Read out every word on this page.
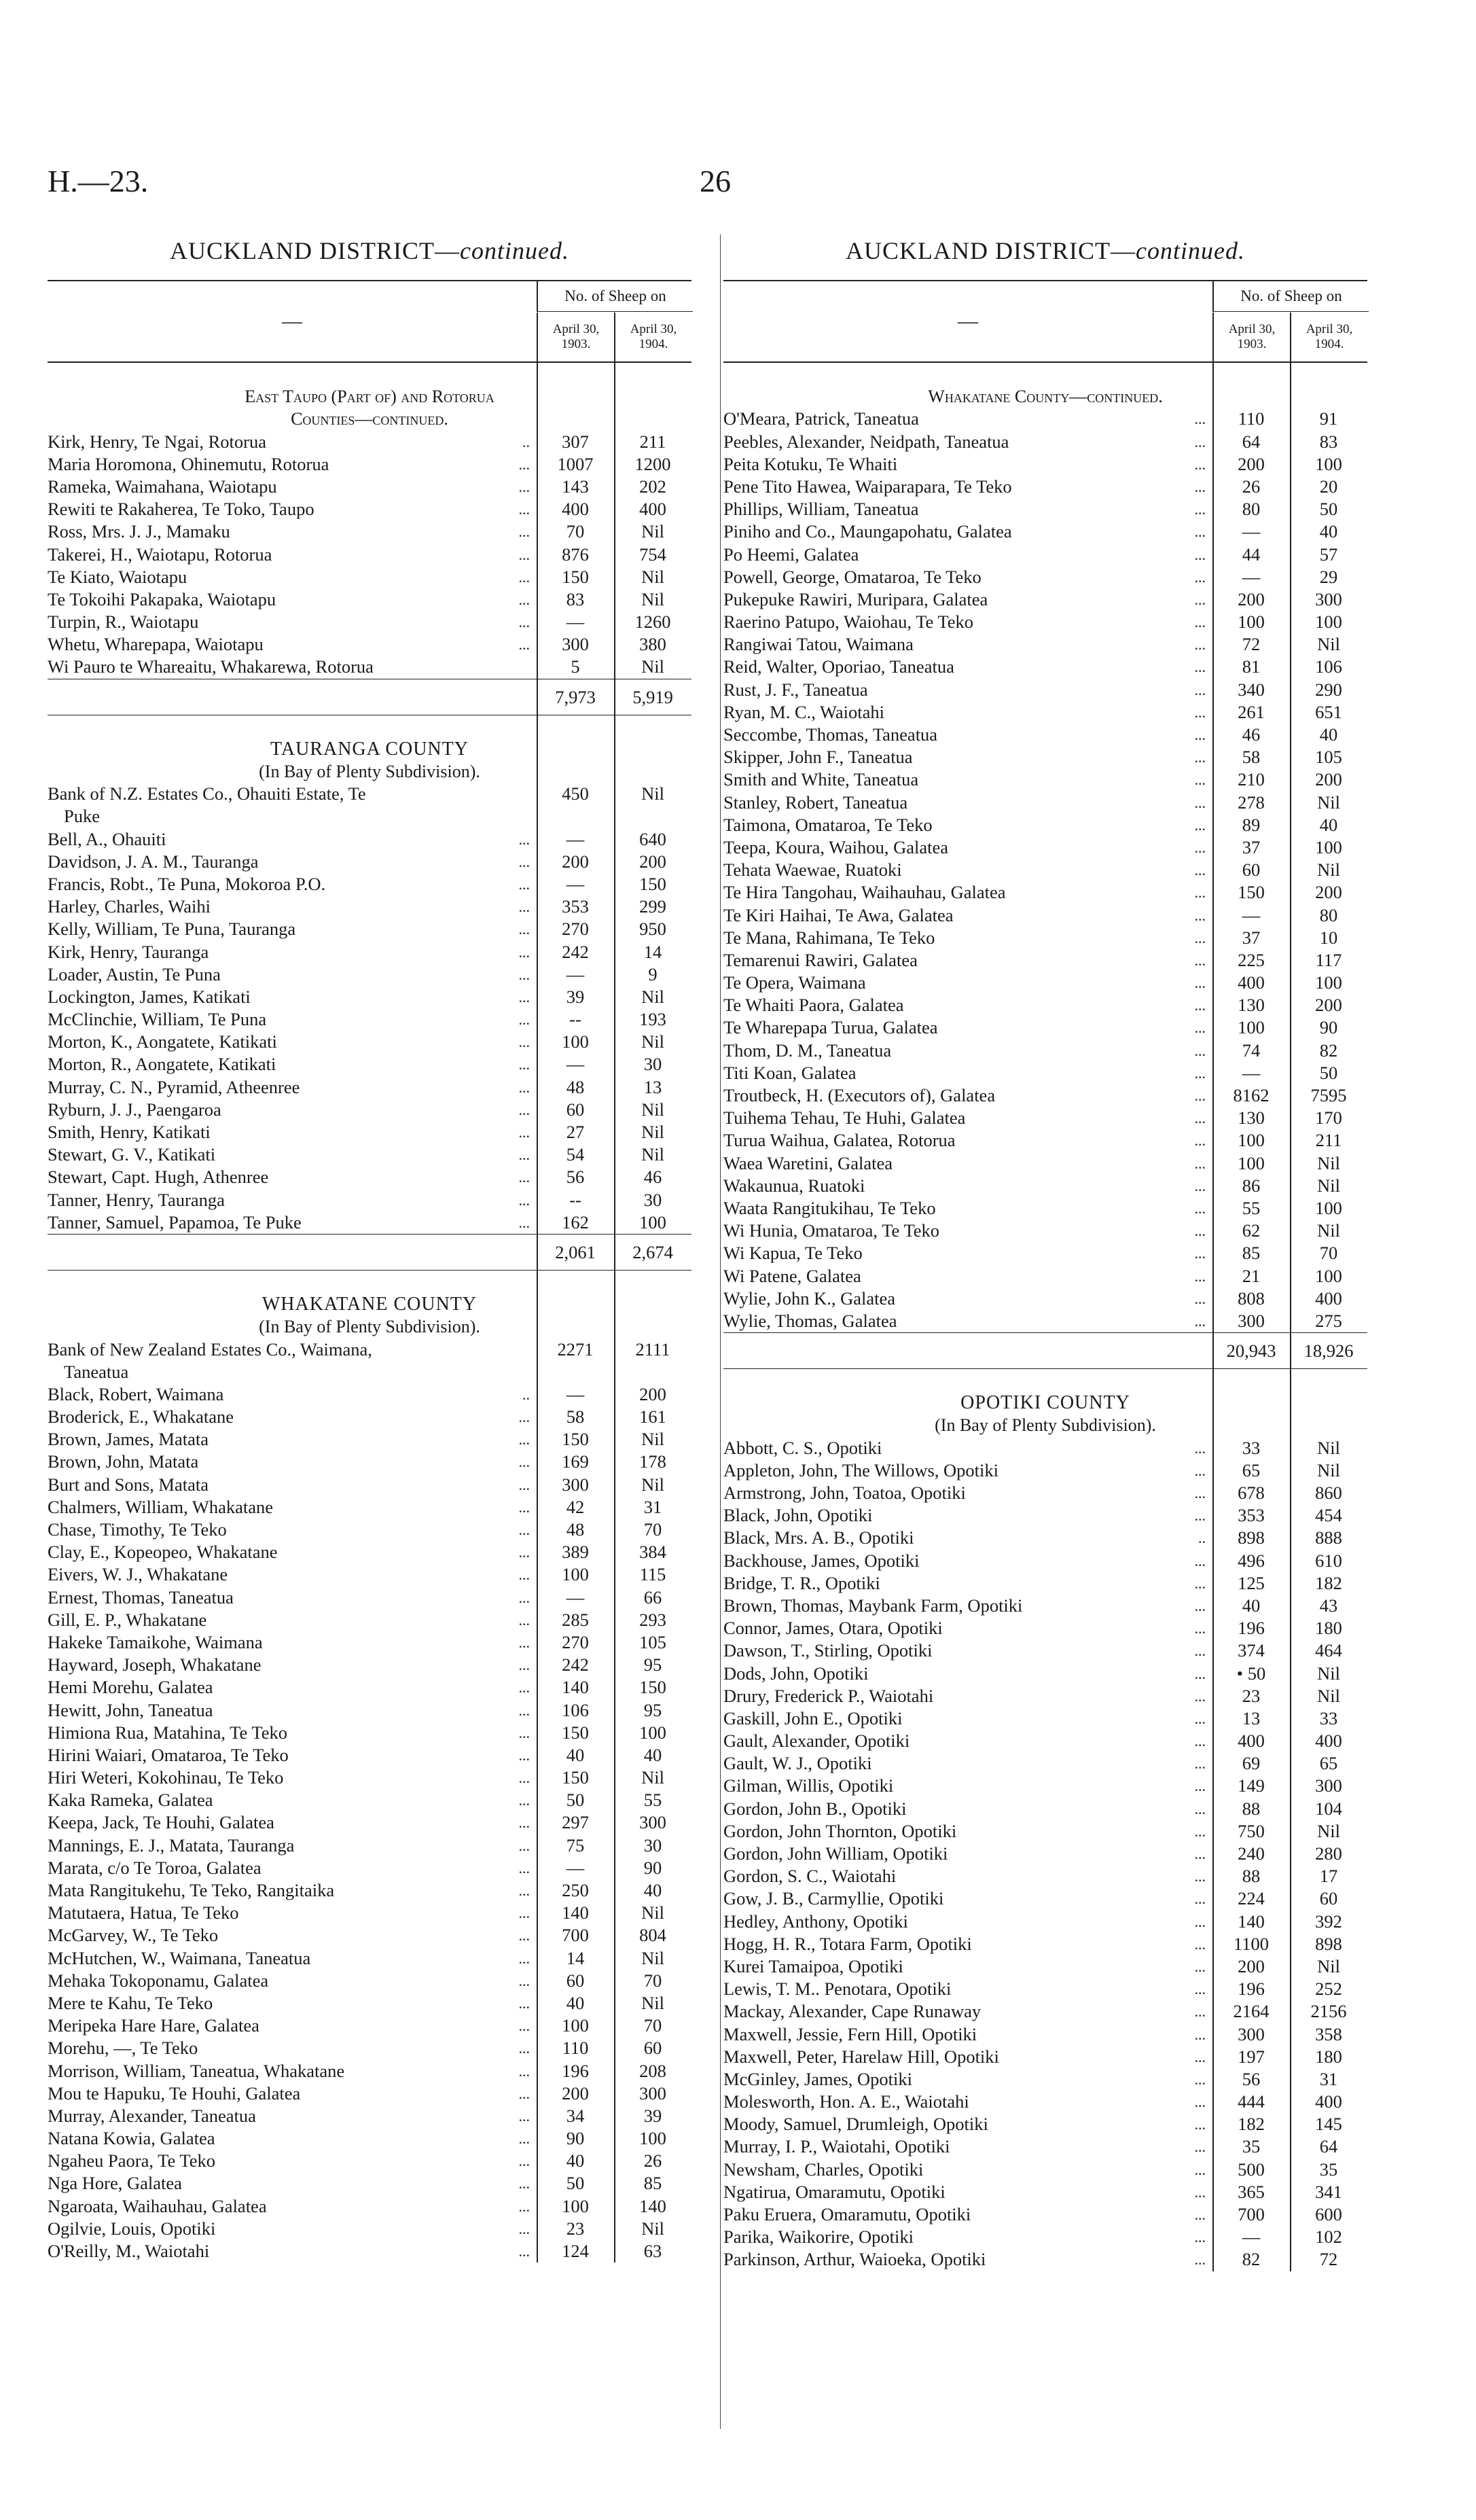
H.—23.	26
AUCKLAND DISTRICT—continued.
—
No. of Sheep on
April 30, 1903.
April 30, 1904.
East Taupo (Part of) and Rotorua
Counties—continued.
Kirk, Henry, Te Ngai, Rotorua	..	307	211
Maria Horomona, Ohinemutu, Rotorua	...	1007	1200
Rameka, Waimahana, Waiotapu	...	143	202
Rewiti te Rakaherea, Te Toko, Taupo	...	400	400
Ross, Mrs. J. J., Mamaku	...	70	Nil
Takerei, H., Waiotapu, Rotorua	...	876	754
Te Kiato, Waiotapu	...	150	Nil
Te Tokoihi Pakapaka, Waiotapu	...	83	Nil
Turpin, R., Waiotapu	...	—	1260
Whetu, Wharepapa, Waiotapu	...	300	380
Wi Pauro te Whareaitu, Whakarewa, Rotorua	5	Nil
7,973	5,919
TAURANGA COUNTY
(In Bay of Plenty Subdivision).
Bank of N.Z. Estates Co., Ohauiti Estate, Te	450	Nil
Puke
Bell, A., Ohauiti	...	—	640
Davidson, J. A. M., Tauranga	...	200	200
Francis, Robt., Te Puna, Mokoroa P.O.	...	—	150
Harley, Charles, Waihi	...	353	299
Kelly, William, Te Puna, Tauranga	...	270	950
Kirk, Henry, Tauranga	...	242	14
Loader, Austin, Te Puna	...	—	9
Lockington, James, Katikati	...	39	Nil
McClinchie, William, Te Puna	...	--	193
Morton, K., Aongatete, Katikati	...	100	Nil
Morton, R., Aongatete, Katikati	...	—	30
Murray, C. N., Pyramid, Atheenree	...	48	13
Ryburn, J. J., Paengaroa	...	60	Nil
Smith, Henry, Katikati	...	27	Nil
Stewart, G. V., Katikati	...	54	Nil
Stewart, Capt. Hugh, Athenree	...	56	46
Tanner, Henry, Tauranga	...	--	30
Tanner, Samuel, Papamoa, Te Puke	...	162	100
2,061	2,674
WHAKATANE COUNTY
(In Bay of Plenty Subdivision).
Bank of New Zealand Estates Co., Waimana,	2271	2111
Taneatua
Black, Robert, Waimana	..	—	200
Broderick, E., Whakatane	...	58	161
Brown, James, Matata	...	150	Nil
Brown, John, Matata	...	169	178
Burt and Sons, Matata	...	300	Nil
Chalmers, William, Whakatane	...	42	31
Chase, Timothy, Te Teko	...	48	70
Clay, E., Kopeopeo, Whakatane	...	389	384
Eivers, W. J., Whakatane	...	100	115
Ernest, Thomas, Taneatua	...	—	66
Gill, E. P., Whakatane	...	285	293
Hakeke Tamaikohe, Waimana	...	270	105
Hayward, Joseph, Whakatane	...	242	95
Hemi Morehu, Galatea	...	140	150
Hewitt, John, Taneatua	...	106	95
Himiona Rua, Matahina, Te Teko	...	150	100
Hirini Waiari, Omataroa, Te Teko	...	40	40
Hiri Weteri, Kokohinau, Te Teko	...	150	Nil
Kaka Rameka, Galatea	...	50	55
Keepa, Jack, Te Houhi, Galatea	...	297	300
Mannings, E. J., Matata, Tauranga	...	75	30
Marata, c/o Te Toroa, Galatea	...	—	90
Mata Rangitukehu, Te Teko, Rangitaika	...	250	40
Matutaera, Hatua, Te Teko	...	140	Nil
McGarvey, W., Te Teko	...	700	804
McHutchen, W., Waimana, Taneatua	...	14	Nil
Mehaka Tokoponamu, Galatea	...	60	70
Mere te Kahu, Te Teko	...	40	Nil
Meripeka Hare Hare, Galatea	...	100	70
Morehu, —, Te Teko	...	110	60
Morrison, William, Taneatua, Whakatane	...	196	208
Mou te Hapuku, Te Houhi, Galatea	...	200	300
Murray, Alexander, Taneatua	...	34	39
Natana Kowia, Galatea	...	90	100
Ngaheu Paora, Te Teko	...	40	26
Nga Hore, Galatea	...	50	85
Ngaroata, Waihauhau, Galatea	...	100	140
Ogilvie, Louis, Opotiki	...	23	Nil
O'Reilly, M., Waiotahi	...	124	63
AUCKLAND DISTRICT—continued.
—
No. of Sheep on
April 30, 1903.
April 30, 1904.
Whakatane County—continued.
O'Meara, Patrick, Taneatua	...	110	91
Peebles, Alexander, Neidpath, Taneatua	...	64	83
Peita Kotuku, Te Whaiti	...	200	100
Pene Tito Hawea, Waiparapara, Te Teko	...	26	20
Phillips, William, Taneatua	...	80	50
Piniho and Co., Maungapohatu, Galatea	...	—	40
Po Heemi, Galatea	...	44	57
Powell, George, Omataroa, Te Teko	...	—	29
Pukepuke Rawiri, Muripara, Galatea	...	200	300
Raerino Patupo, Waiohau, Te Teko	...	100	100
Rangiwai Tatou, Waimana	...	72	Nil
Reid, Walter, Oporiao, Taneatua	...	81	106
Rust, J. F., Taneatua	...	340	290
Ryan, M. C., Waiotahi	...	261	651
Seccombe, Thomas, Taneatua	...	46	40
Skipper, John F., Taneatua	...	58	105
Smith and White, Taneatua	...	210	200
Stanley, Robert, Taneatua	...	278	Nil
Taimona, Omataroa, Te Teko	...	89	40
Teepa, Koura, Waihou, Galatea	...	37	100
Tehata Waewae, Ruatoki	...	60	Nil
Te Hira Tangohau, Waihauhau, Galatea	...	150	200
Te Kiri Haihai, Te Awa, Galatea	...	—	80
Te Mana, Rahimana, Te Teko	...	37	10
Temarenui Rawiri, Galatea	...	225	117
Te Opera, Waimana	...	400	100
Te Whaiti Paora, Galatea	...	130	200
Te Wharepapa Turua, Galatea	...	100	90
Thom, D. M., Taneatua	...	74	82
Titi Koan, Galatea	...	—	50
Troutbeck, H. (Executors of), Galatea	...	8162	7595
Tuihema Tehau, Te Huhi, Galatea	...	130	170
Turua Waihua, Galatea, Rotorua	...	100	211
Waea Waretini, Galatea	...	100	Nil
Wakaunua, Ruatoki	...	86	Nil
Waata Rangitukihau, Te Teko	...	55	100
Wi Hunia, Omataroa, Te Teko	...	62	Nil
Wi Kapua, Te Teko	...	85	70
Wi Patene, Galatea	...	21	100
Wylie, John K., Galatea	...	808	400
Wylie, Thomas, Galatea	...	300	275
20,943	18,926
OPOTIKI COUNTY
(In Bay of Plenty Subdivision).
Abbott, C. S., Opotiki	...	33	Nil
Appleton, John, The Willows, Opotiki	...	65	Nil
Armstrong, John, Toatoa, Opotiki	...	678	860
Black, John, Opotiki	...	353	454
Black, Mrs. A. B., Opotiki	..	898	888
Backhouse, James, Opotiki	...	496	610
Bridge, T. R., Opotiki	...	125	182
Brown, Thomas, Maybank Farm, Opotiki	...	40	43
Connor, James, Otara, Opotiki	...	196	180
Dawson, T., Stirling, Opotiki	...	374	464
Dods, John, Opotiki	...	• 50	Nil
Drury, Frederick P., Waiotahi	...	23	Nil
Gaskill, John E., Opotiki	...	13	33
Gault, Alexander, Opotiki	...	400	400
Gault, W. J., Opotiki	...	69	65
Gilman, Willis, Opotiki	...	149	300
Gordon, John B., Opotiki	...	88	104
Gordon, John Thornton, Opotiki	...	750	Nil
Gordon, John William, Opotiki	...	240	280
Gordon, S. C., Waiotahi	...	88	17
Gow, J. B., Carmyllie, Opotiki	...	224	60
Hedley, Anthony, Opotiki	...	140	392
Hogg, H. R., Totara Farm, Opotiki	...	1100	898
Kurei Tamaipoa, Opotiki	...	200	Nil
Lewis, T. M.. Penotara, Opotiki	...	196	252
Mackay, Alexander, Cape Runaway	...	2164	2156
Maxwell, Jessie, Fern Hill, Opotiki	...	300	358
Maxwell, Peter, Harelaw Hill, Opotiki	...	197	180
McGinley, James, Opotiki	...	56	31
Molesworth, Hon. A. E., Waiotahi	...	444	400
Moody, Samuel, Drumleigh, Opotiki	...	182	145
Murray, I. P., Waiotahi, Opotiki	...	35	64
Newsham, Charles, Opotiki	...	500	35
Ngatirua, Omaramutu, Opotiki	...	365	341
Paku Eruera, Omaramutu, Opotiki	...	700	600
Parika, Waikorire, Opotiki	...	—	102
Parkinson, Arthur, Waioeka, Opotiki	...	82	72
